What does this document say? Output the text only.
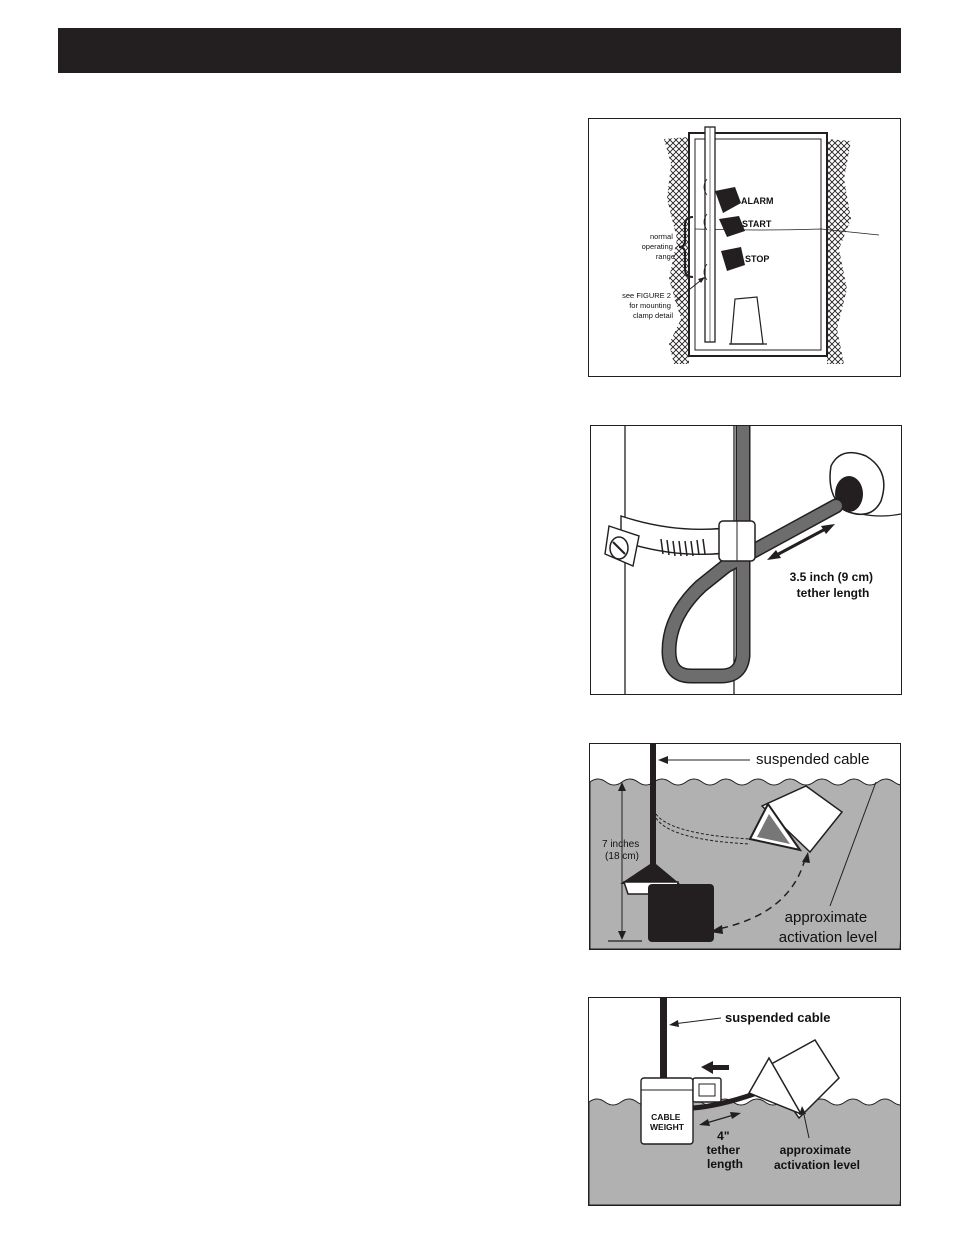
ALARM
START
STOP
normal operating range
see FIGURE 2 for mounting clamp detail
3.5 inch (9 cm) tether length
7 inches (18 cm)
suspended cable
approximate activation level
CABLE WEIGHT
4" tether length
suspended cable
approximate activation level
